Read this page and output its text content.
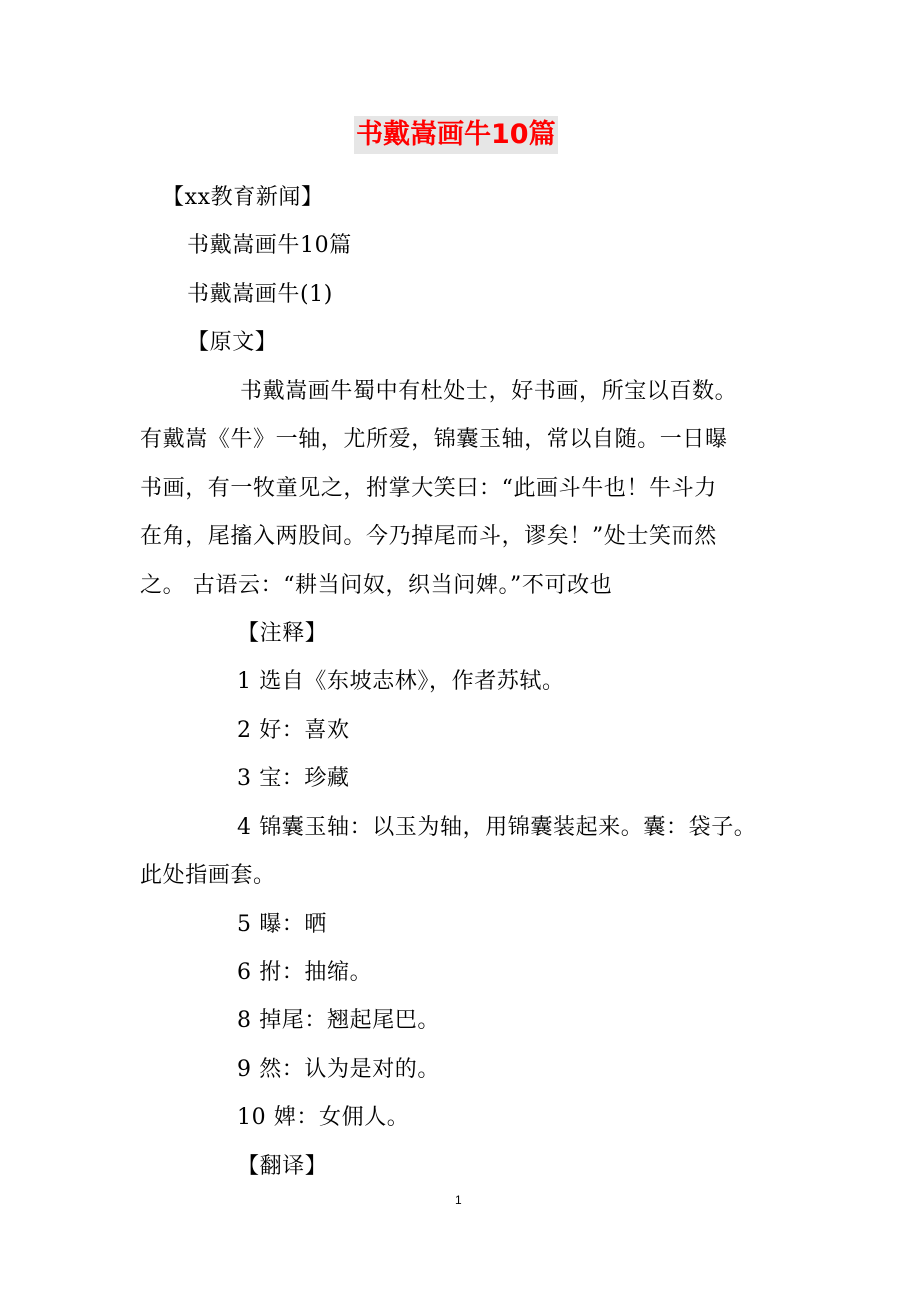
书戴嵩画牛10篇
【xx教育新闻】
书戴嵩画牛10篇
书戴嵩画牛(1)
【原文】
书戴嵩画牛蜀中有杜处士，好书画，所宝以百数。
有戴嵩《牛》一轴，尤所爱，锦囊玉轴，常以自随。一日曝
书画，有一牧童见之，拊掌大笑曰：“此画斗牛也！牛斗力
在角，尾搐入两股间。今乃掉尾而斗，谬矣！”处士笑而然
之。 古语云：“耕当问奴，织当问婢。”不可改也
【注释】
1 选自《东坡志林》，作者苏轼。
2 好：喜欢
3 宝：珍藏
4 锦囊玉轴：以玉为轴，用锦囊装起来。囊：袋子。
此处指画套。
5 曝：晒
6 拊：抽缩。
8 掉尾：翘起尾巴。
9 然：认为是对的。
10 婢：女佣人。
【翻译】
1
